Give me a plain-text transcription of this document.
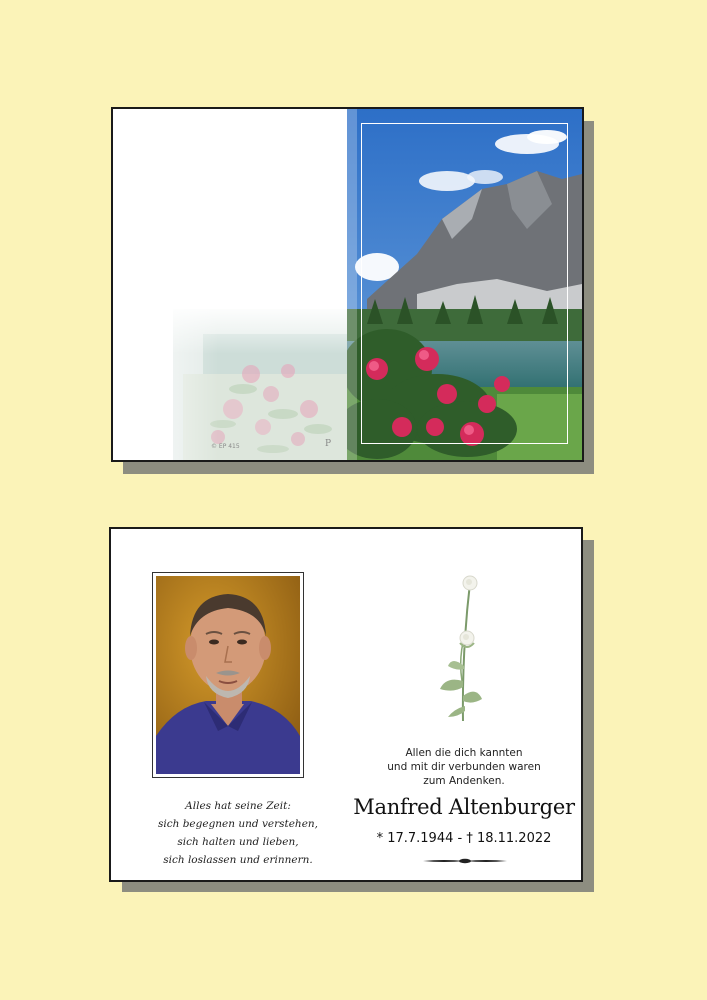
© EP 415	P
Alles hat seine Zeit:
sich begegnen und verstehen,
sich halten und lieben,
sich loslassen und erinnern.
Allen die dich kannten
und mit dir verbunden waren
zum Andenken.
Manfred Altenburger
* 17.7.1944 - † 18.11.2022
